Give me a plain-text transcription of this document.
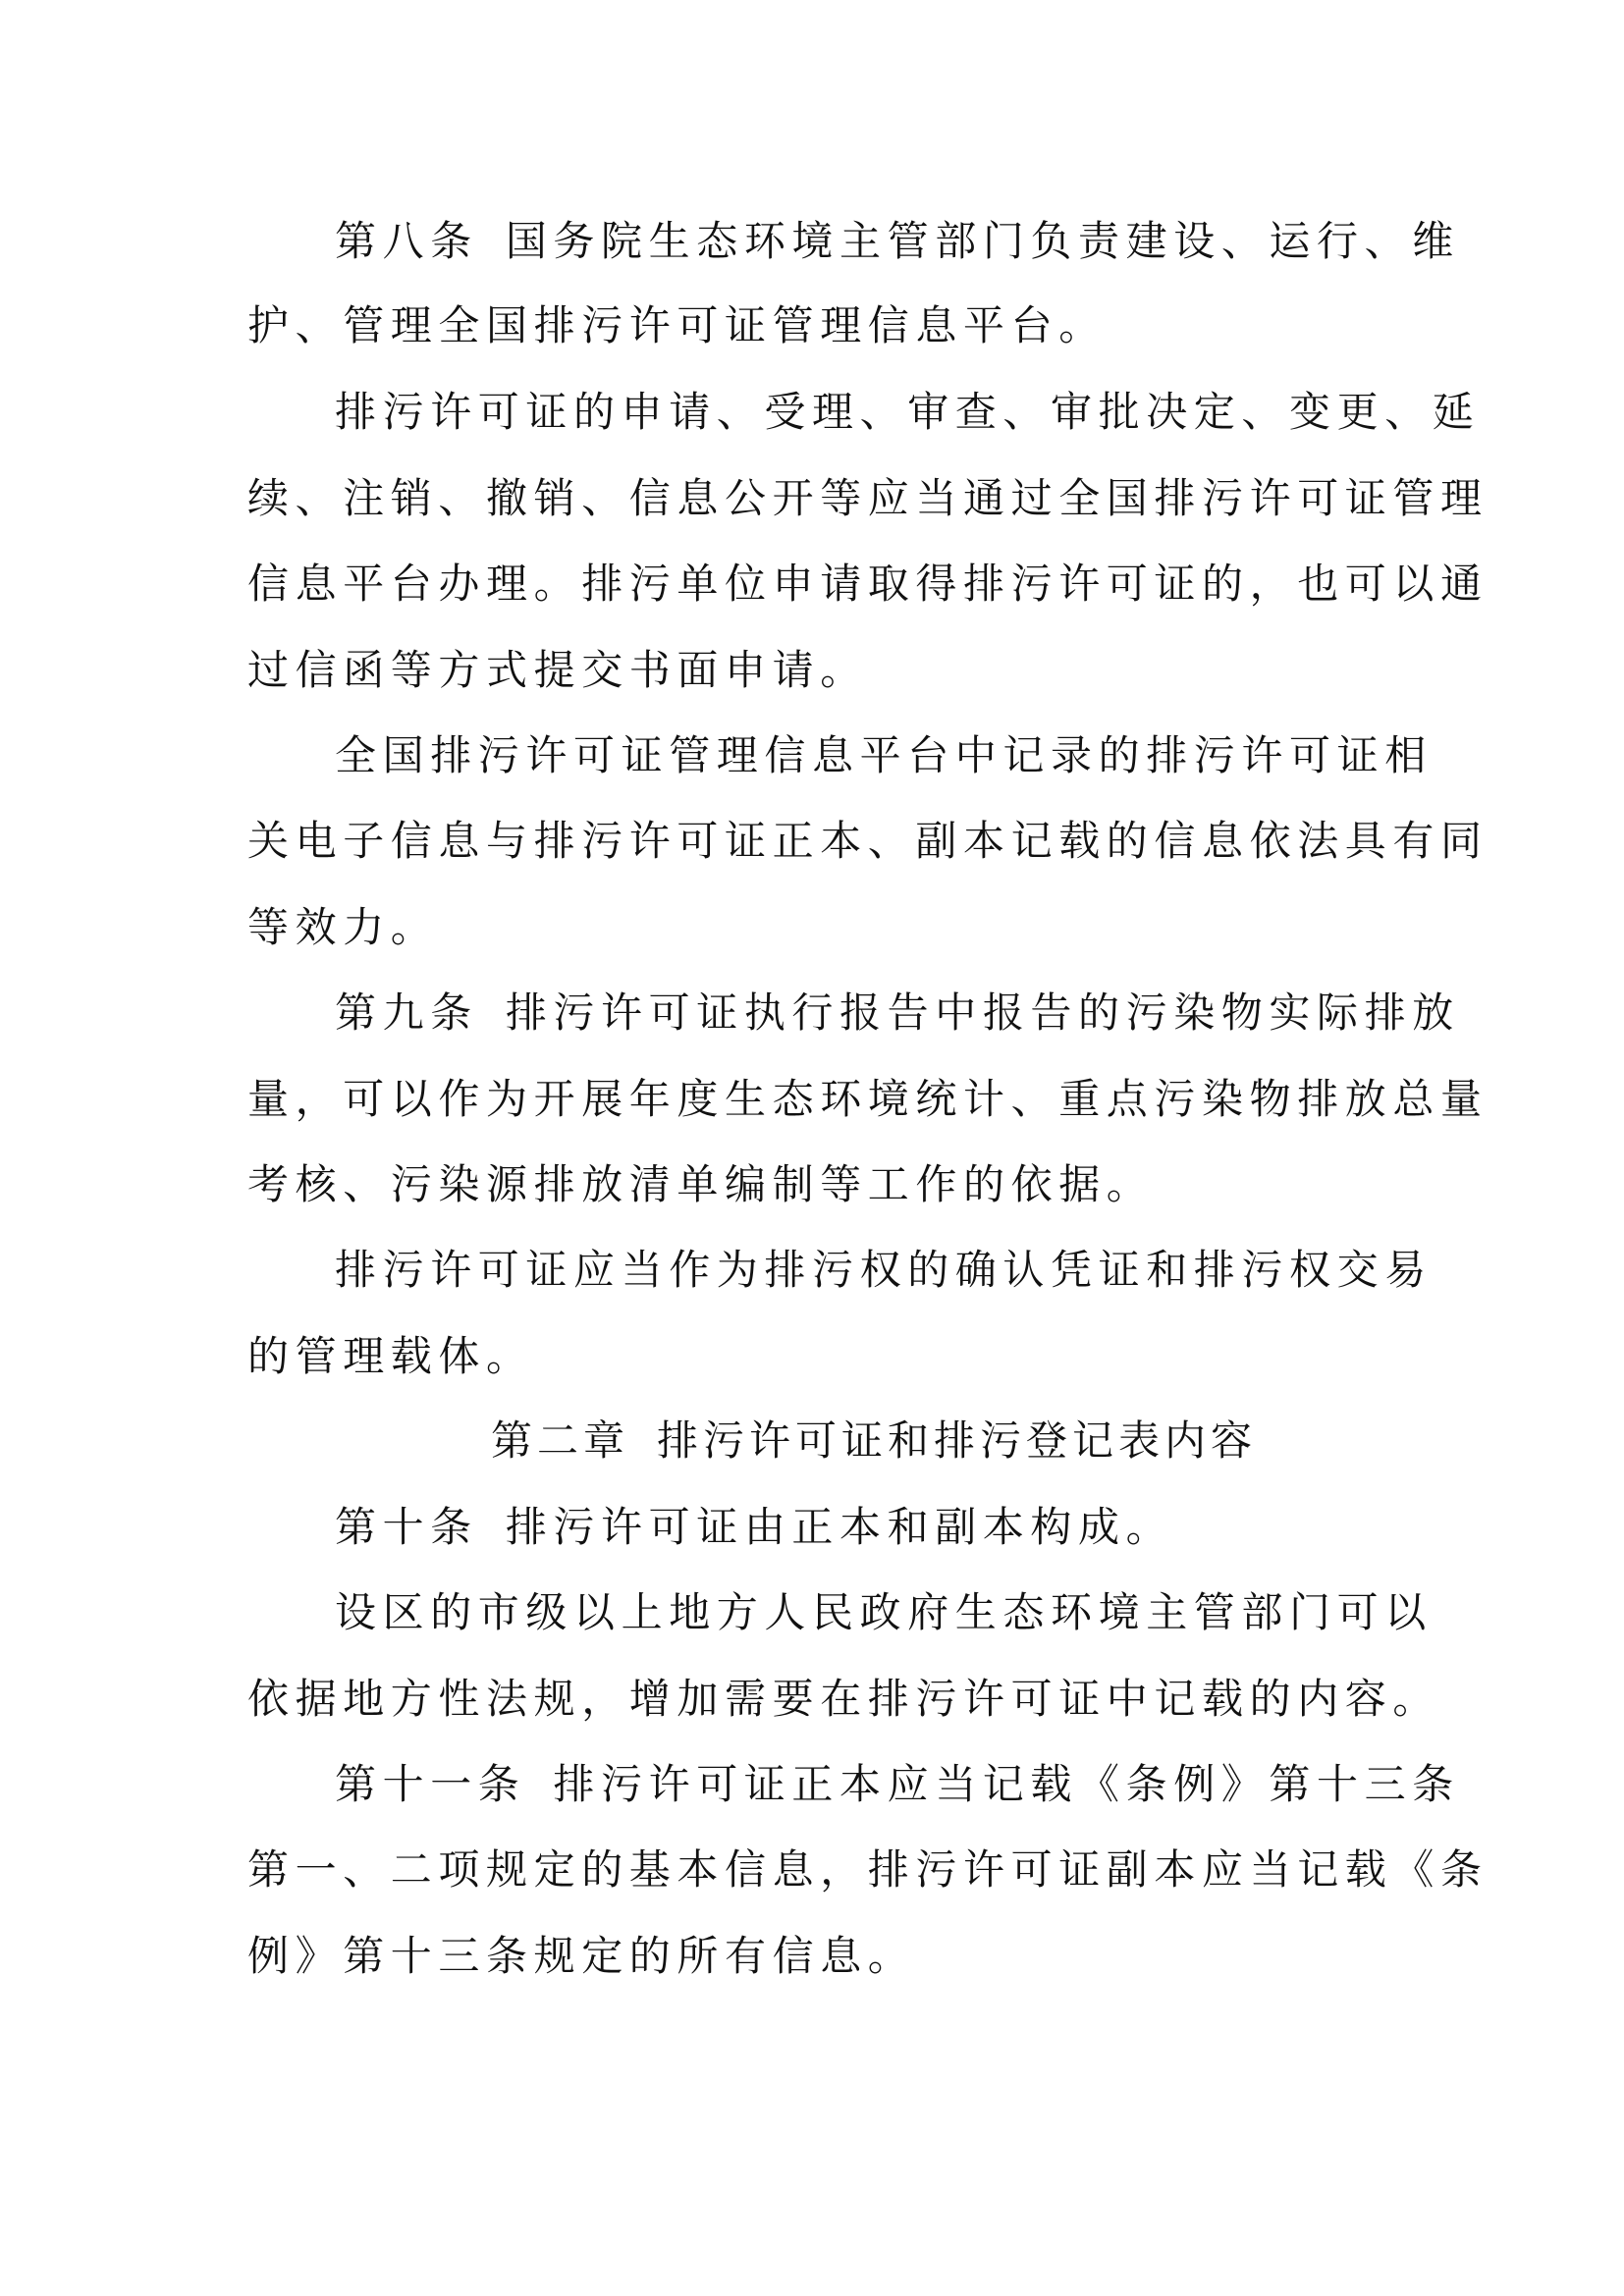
第八条 国务院生态环境主管部门负责建设、运行、维

护、管理全国排污许可证管理信息平台。

排污许可证的申请、受理、审查、审批决定、变更、延

续、注销、撤销、信息公开等应当通过全国排污许可证管理

信息平台办理。排污单位申请取得排污许可证的，也可以通

过信函等方式提交书面申请。

全国排污许可证管理信息平台中记录的排污许可证相

关电子信息与排污许可证正本、副本记载的信息依法具有同

等效力。

第九条 排污许可证执行报告中报告的污染物实际排放

量，可以作为开展年度生态环境统计、重点污染物排放总量

考核、污染源排放清单编制等工作的依据。

排污许可证应当作为排污权的确认凭证和排污权交易

的管理载体。

第二章 排污许可证和排污登记表内容

第十条 排污许可证由正本和副本构成。

设区的市级以上地方人民政府生态环境主管部门可以

依据地方性法规，增加需要在排污许可证中记载的内容。

第十一条 排污许可证正本应当记载《条例》第十三条

第一、二项规定的基本信息，排污许可证副本应当记载《条

例》第十三条规定的所有信息。
